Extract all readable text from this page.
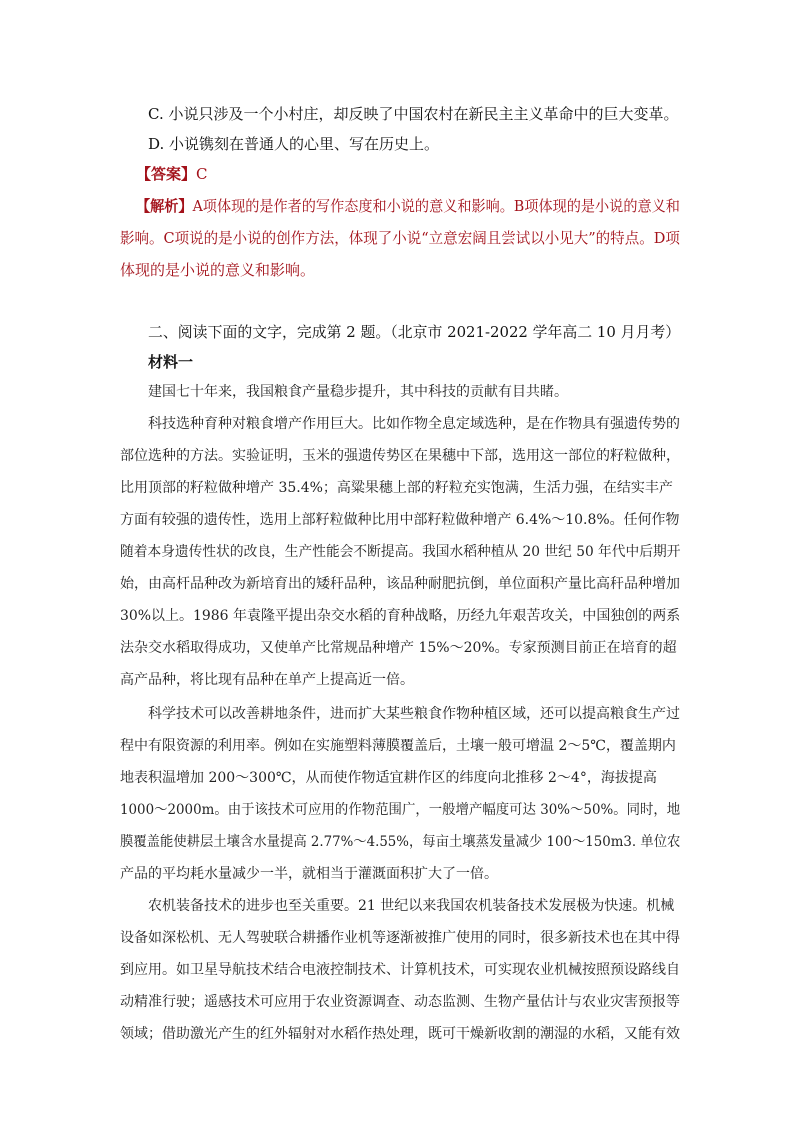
C. 小说只涉及一个小村庄，却反映了中国农村在新民主主义革命中的巨大变革。
D. 小说镌刻在普通人的心里、写在历史上。
【答案】C
【解析】A项体现的是作者的写作态度和小说的意义和影响。B项体现的是小说的意义和
影响。C项说的是小说的创作方法，体现了小说“立意宏阔且尝试以小见大”的特点。D项
体现的是小说的意义和影响。
二、阅读下面的文字，完成第 2 题。（北京市 2021-2022 学年高二 10 月月考）
材料一
建国七十年来，我国粮食产量稳步提升，其中科技的贡献有目共睹。
科技选种育种对粮食增产作用巨大。比如作物全息定域选种，是在作物具有强遗传势的
部位选种的方法。实验证明，玉米的强遗传势区在果穗中下部，选用这一部位的籽粒做种，
比用顶部的籽粒做种增产 35.4%；高粱果穗上部的籽粒充实饱满，生活力强，在结实丰产
方面有较强的遗传性，选用上部籽粒做种比用中部籽粒做种增产 6.4%～10.8%。任何作物
随着本身遗传性状的改良，生产性能会不断提高。我国水稻种植从 20 世纪 50 年代中后期开
始，由高杆品种改为新培育出的矮秆品种，该品种耐肥抗倒，单位面积产量比高秆品种增加
30%以上。1986 年袁隆平提出杂交水稻的育种战略，历经九年艰苦攻关，中国独创的两系
法杂交水稻取得成功，又使单产比常规品种增产 15%～20%。专家预测目前正在培育的超
高产品种，将比现有品种在单产上提高近一倍。
科学技术可以改善耕地条件，进而扩大某些粮食作物种植区域，还可以提高粮食生产过
程中有限资源的利用率。例如在实施塑料薄膜覆盖后，土壤一般可增温 2～5℃，覆盖期内
地表积温增加 200～300℃，从而使作物适宜耕作区的纬度向北推移 2～4°，海拔提高
1000～2000m。由于该技术可应用的作物范围广，一般增产幅度可达 30%～50%。同时，地
膜覆盖能使耕层土壤含水量提高 2.77%～4.55%，每亩土壤蒸发量减少 100～150m3. 单位农
产品的平均耗水量减少一半，就相当于灌溉面积扩大了一倍。
农机装备技术的进步也至关重要。21 世纪以来我国农机装备技术发展极为快速。机械
设备如深松机、无人驾驶联合耕播作业机等逐渐被推广使用的同时，很多新技术也在其中得
到应用。如卫星导航技术结合电液控制技术、计算机技术，可实现农业机械按照预设路线自
动精准行驶；遥感技术可应用于农业资源调查、动态监测、生物产量估计与农业灾害预报等
领域；借助激光产生的红外辐射对水稻作热处理，既可干燥新收割的潮湿的水稻，又能有效
